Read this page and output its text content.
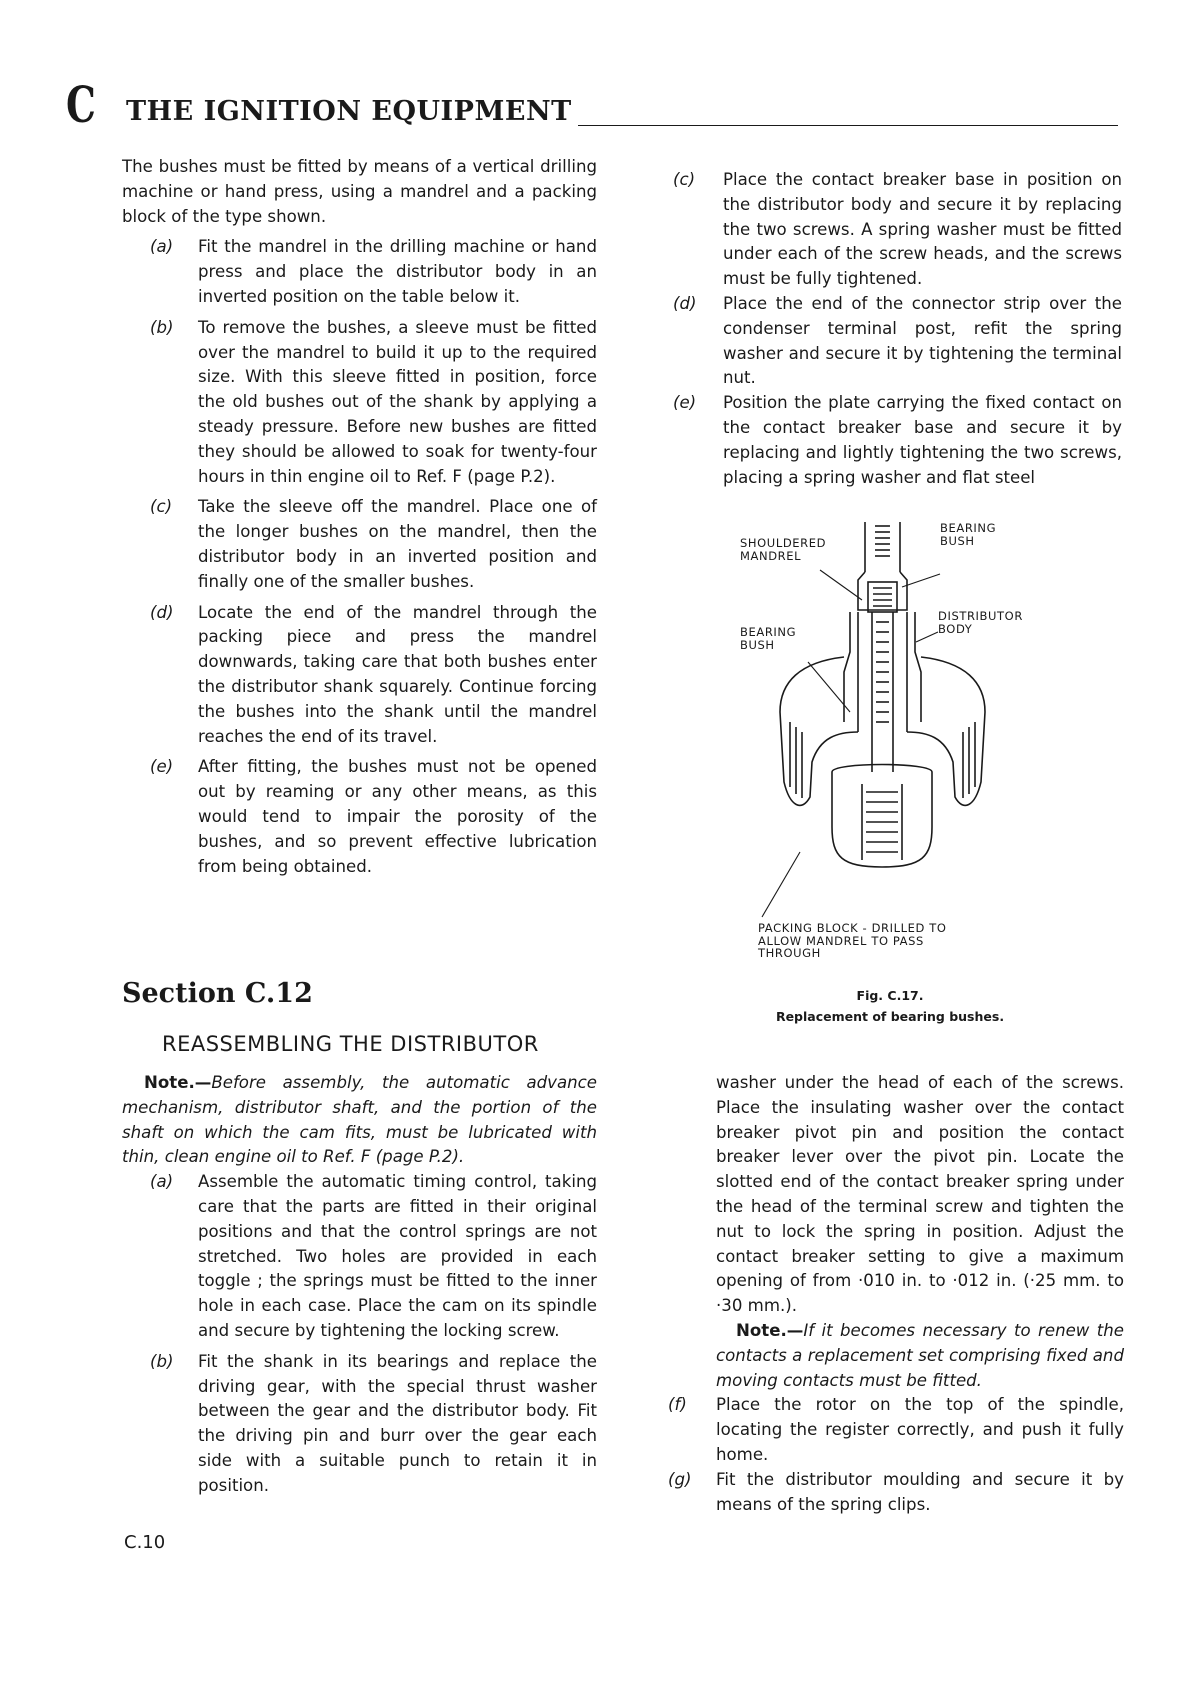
C THE IGNITION EQUIPMENT

The bushes must be fitted by means of a vertical drilling machine or hand press, using a mandrel and a packing block of the type shown.

(a) Fit the mandrel in the drilling machine or hand press and place the distributor body in an inverted position on the table below it.
(b) To remove the bushes, a sleeve must be fitted over the mandrel to build it up to the required size. With this sleeve fitted in position, force the old bushes out of the shank by applying a steady pressure. Before new bushes are fitted they should be allowed to soak for twenty-four hours in thin engine oil to Ref. F (page P.2).
(c) Take the sleeve off the mandrel. Place one of the longer bushes on the mandrel, then the distributor body in an inverted position and finally one of the smaller bushes.
(d) Locate the end of the mandrel through the packing piece and press the mandrel downwards, taking care that both bushes enter the distributor shank squarely. Continue forcing the bushes into the shank until the mandrel reaches the end of its travel.
(e) After fitting, the bushes must not be opened out by reaming or any other means, as this would tend to impair the porosity of the bushes, and so prevent effective lubrication from being obtained.
Section C.12
REASSEMBLING THE DISTRIBUTOR

Note.—Before assembly, the automatic advance mechanism, distributor shaft, and the portion of the shaft on which the cam fits, must be lubricated with thin, clean engine oil to Ref. F (page P.2).

(a) Assemble the automatic timing control, taking care that the parts are fitted in their original positions and that the control springs are not stretched. Two holes are provided in each toggle ; the springs must be fitted to the inner hole in each case. Place the cam on its spindle and secure by tightening the locking screw.
(b) Fit the shank in its bearings and replace the driving gear, with the special thrust washer between the gear and the distributor body. Fit the driving pin and burr over the gear each side with a suitable punch to retain it in position.
(c) Place the contact breaker base in position on the distributor body and secure it by replacing the two screws. A spring washer must be fitted under each of the screw heads, and the screws must be fully tightened.
(d) Place the end of the connector strip over the condenser terminal post, refit the spring washer and secure it by tightening the terminal nut.
(e) Position the plate carrying the fixed contact on the contact breaker base and secure it by replacing and lightly tightening the two screws, placing a spring washer and flat steel
BEARING
BUSH
SHOULDERED
MANDREL
DISTRIBUTOR
BODY
BEARING
BUSH
PACKING BLOCK - DRILLED TO
ALLOW MANDREL TO PASS
THROUGH
Fig. C.17.
Replacement of bearing bushes.

washer under the head of each of the screws. Place the insulating washer over the contact breaker pivot pin and position the contact breaker lever over the pivot pin. Locate the slotted end of the contact breaker spring under the head of the terminal screw and tighten the nut to lock the spring in position. Adjust the contact breaker setting to give a maximum opening of from ·010 in. to ·012 in. (·25 mm. to ·30 mm.).

Note.—If it becomes necessary to renew the contacts a replacement set comprising fixed and moving contacts must be fitted.

(f) Place the rotor on the top of the spindle, locating the register correctly, and push it fully home.
(g) Fit the distributor moulding and secure it by means of the spring clips.
C.10
